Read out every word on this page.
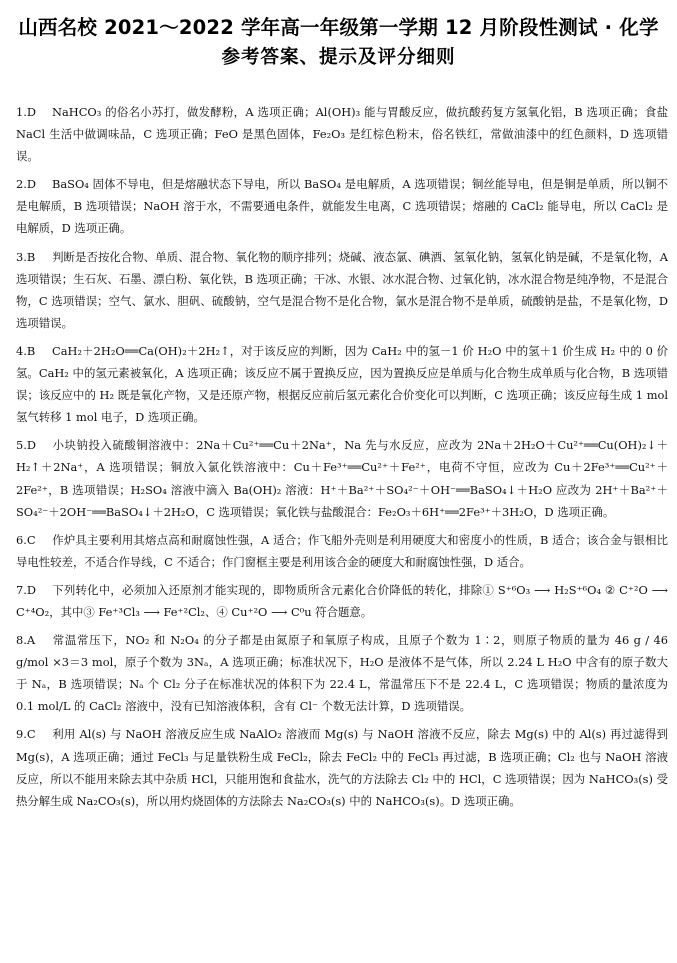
山西名校 2021～2022 学年高一年级第一学期 12 月阶段性测试 · 化学
参考答案、提示及评分细则

1.D NaHCO₃ 的俗名小苏打，做发酵粉，A 选项正确；Al(OH)₃ 能与胃酸反应，做抗酸药复方氢氧化铝，B 选项正确；食盐 NaCl 生活中做调味品，C 选项正确；FeO 是黑色固体，Fe₂O₃ 是红棕色粉末，俗名铁红，常做油漆中的红色颜料，D 选项错误。

2.D BaSO₄ 固体不导电，但是熔融状态下导电，所以 BaSO₄ 是电解质，A 选项错误；铜丝能导电，但是铜是单质，所以铜不是电解质，B 选项错误；NaOH 溶于水，不需要通电条件，就能发生电离，C 选项错误；熔融的 CaCl₂ 能导电，所以 CaCl₂ 是电解质，D 选项正确。

3.B 判断是否按化合物、单质、混合物、氧化物的顺序排列；烧碱、液态氯、碘酒、氢氧化钠，氢氧化钠是碱，不是氧化物，A 选项错误；生石灰、石墨、漂白粉、氧化铁，B 选项正确；干冰、水银、冰水混合物、过氧化钠，冰水混合物是纯净物，不是混合物，C 选项错误；空气、氯水、胆矾、硫酸钠，空气是混合物不是化合物，氯水是混合物不是单质，硫酸钠是盐，不是氧化物，D 选项错误。

4.B CaH₂＋2H₂O══Ca(OH)₂＋2H₂↑，对于该反应的判断，因为 CaH₂ 中的氢－1 价 H₂O 中的氢＋1 价生成 H₂ 中的 0 价氢。CaH₂ 中的氢元素被氧化，A 选项正确；该反应不属于置换反应，因为置换反应是单质与化合物生成单质与化合物，B 选项错误；该反应中的 H₂ 既是氧化产物，又是还原产物，根据反应前后氢元素化合价变化可以判断，C 选项正确；该反应每生成 1 mol 氢气转移 1 mol 电子，D 选项正确。

5.D 小块钠投入硫酸铜溶液中：2Na＋Cu²⁺══Cu＋2Na⁺，Na 先与水反应，应改为 2Na＋2H₂O＋Cu²⁺══Cu(OH)₂↓＋H₂↑＋2Na⁺，A 选项错误；铜放入氯化铁溶液中：Cu＋Fe³⁺══Cu²⁺＋Fe²⁺，电荷不守恒，应改为 Cu＋2Fe³⁺══Cu²⁺＋2Fe²⁺，B 选项错误；H₂SO₄ 溶液中滴入 Ba(OH)₂ 溶液：H⁺＋Ba²⁺＋SO₄²⁻＋OH⁻══BaSO₄↓＋H₂O 应改为 2H⁺＋Ba²⁺＋SO₄²⁻＋2OH⁻══BaSO₄↓＋2H₂O，C 选项错误；氧化铁与盐酸混合：Fe₂O₃＋6H⁺══2Fe³⁺＋3H₂O，D 选项正确。

6.C 作炉具主要利用其熔点高和耐腐蚀性强，A 适合；作飞船外壳则是利用硬度大和密度小的性质，B 适合；该合金与银相比导电性较差，不适合作导线，C 不适合；作门窗框主要是利用该合金的硬度大和耐腐蚀性强，D 适合。

7.D 下列转化中，必须加入还原剂才能实现的，即物质所含元素化合价降低的转化，排除① S⁺⁶O₃ ⟶ H₂S⁺⁶O₄ ② C⁺²O ⟶ C⁺⁴O₂，其中③ Fe⁺³Cl₃ ⟶ Fe⁺²Cl₂、④ Cu⁺²O ⟶ C⁰u 符合题意。

8.A 常温常压下，NO₂ 和 N₂O₄ 的分子都是由氮原子和氧原子构成，且原子个数为 1∶2，则原子物质的量为 46 g / 46 g/mol ×3＝3 mol，原子个数为 3Nₐ，A 选项正确；标准状况下，H₂O 是液体不是气体，所以 2.24 L H₂O 中含有的原子数大于 Nₐ，B 选项错误；Nₐ 个 Cl₂ 分子在标准状况的体积下为 22.4 L，常温常压下不是 22.4 L，C 选项错误；物质的量浓度为 0.1 mol/L 的 CaCl₂ 溶液中，没有已知溶液体积，含有 Cl⁻ 个数无法计算，D 选项错误。

9.C 利用 Al(s) 与 NaOH 溶液反应生成 NaAlO₂ 溶液而 Mg(s) 与 NaOH 溶液不反应，除去 Mg(s) 中的 Al(s) 再过滤得到 Mg(s)，A 选项正确；通过 FeCl₃ 与足量铁粉生成 FeCl₂，除去 FeCl₂ 中的 FeCl₃ 再过滤，B 选项正确；Cl₂ 也与 NaOH 溶液反应，所以不能用来除去其中杂质 HCl，只能用饱和食盐水，洗气的方法除去 Cl₂ 中的 HCl，C 选项错误；因为 NaHCO₃(s) 受热分解生成 Na₂CO₃(s)，所以用灼烧固体的方法除去 Na₂CO₃(s) 中的 NaHCO₃(s)。D 选项正确。
